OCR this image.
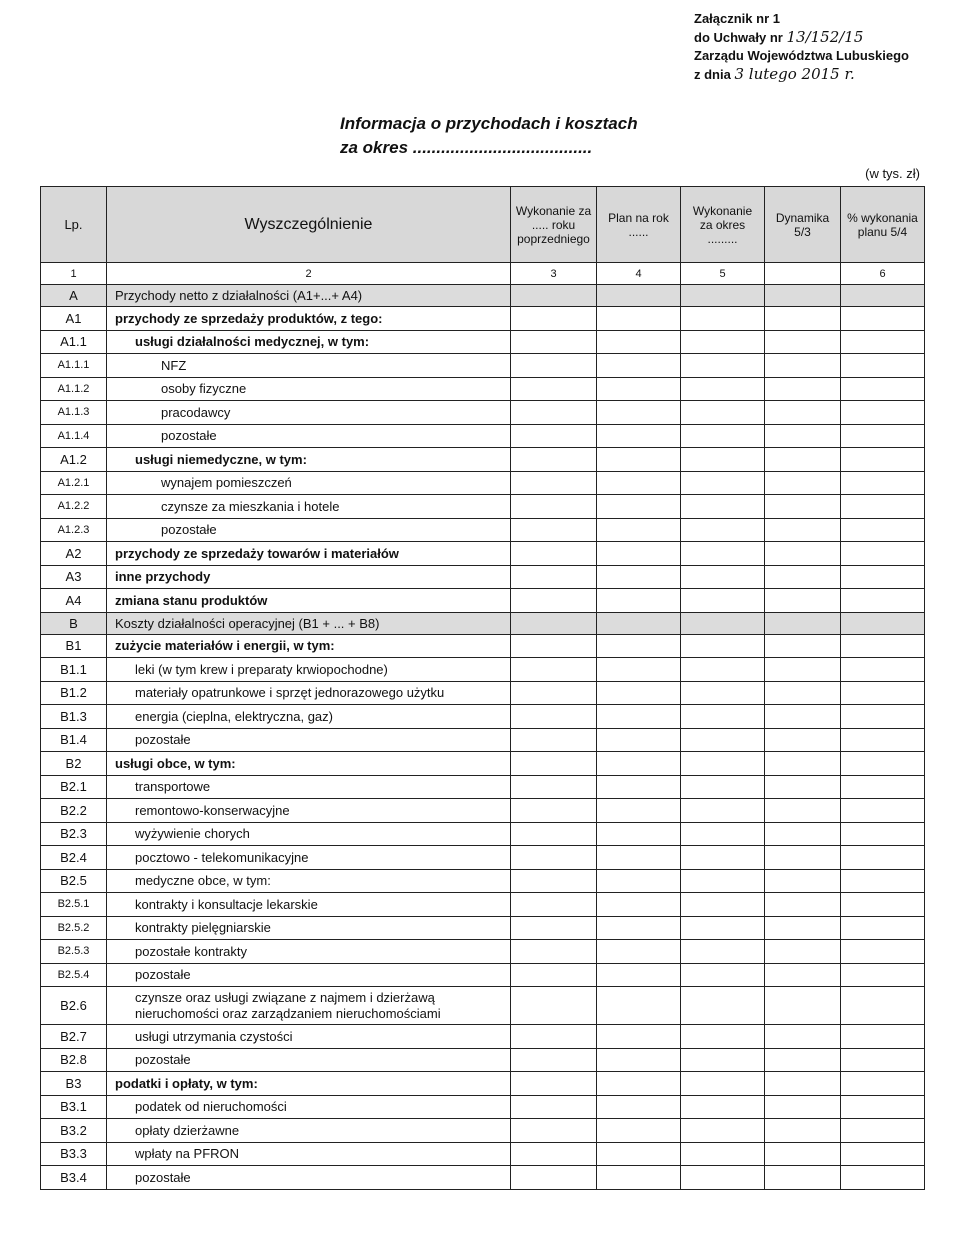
Załącznik nr 1
do Uchwały nr 13/152/15
Zarządu Województwa Lubuskiego
z dnia 3 lutego 2015 r.
Informacja o przychodach i kosztach
za okres ......................................
(w tys. zł)
Lp.	Wyszczególnienie	Wykonanie za ..... roku poprzedniego	Plan na rok ......	Wykonanie za okres .........	Dynamika 5/3	% wykonania planu 5/4
1	2	3	4	5		6
A	Przychody netto z działalności (A1+...+ A4)					
A1	przychody ze sprzedaży produktów, z tego:					
A1.1	usługi działalności medycznej, w tym:					
A1.1.1	NFZ					
A1.1.2	osoby fizyczne					
A1.1.3	pracodawcy					
A1.1.4	pozostałe					
A1.2	usługi niemedyczne, w tym:					
A1.2.1	wynajem pomieszczeń					
A1.2.2	czynsze za mieszkania i hotele					
A1.2.3	pozostałe					
A2	przychody ze sprzedaży towarów i materiałów					
A3	inne przychody					
A4	zmiana stanu produktów					
B	Koszty działalności operacyjnej (B1 + ... + B8)					
B1	zużycie materiałów i energii, w tym:					
B1.1	leki (w tym krew i preparaty krwiopochodne)					
B1.2	materiały opatrunkowe i sprzęt jednorazowego użytku					
B1.3	energia (cieplna, elektryczna, gaz)					
B1.4	pozostałe					
B2	usługi obce, w tym:					
B2.1	transportowe					
B2.2	remontowo-konserwacyjne					
B2.3	wyżywienie chorych					
B2.4	pocztowo - telekomunikacyjne					
B2.5	medyczne obce, w tym:					
B2.5.1	kontrakty i konsultacje lekarskie					
B2.5.2	kontrakty pielęgniarskie					
B2.5.3	pozostałe kontrakty					
B2.5.4	pozostałe					
B2.6	czynsze oraz usługi związane z najmem i dzierżawą nieruchomości oraz zarządzaniem nieruchomościami					
B2.7	usługi utrzymania czystości					
B2.8	pozostałe					
B3	podatki i opłaty, w tym:					
B3.1	podatek od nieruchomości					
B3.2	opłaty dzierżawne					
B3.3	wpłaty na PFRON					
B3.4	pozostałe					
